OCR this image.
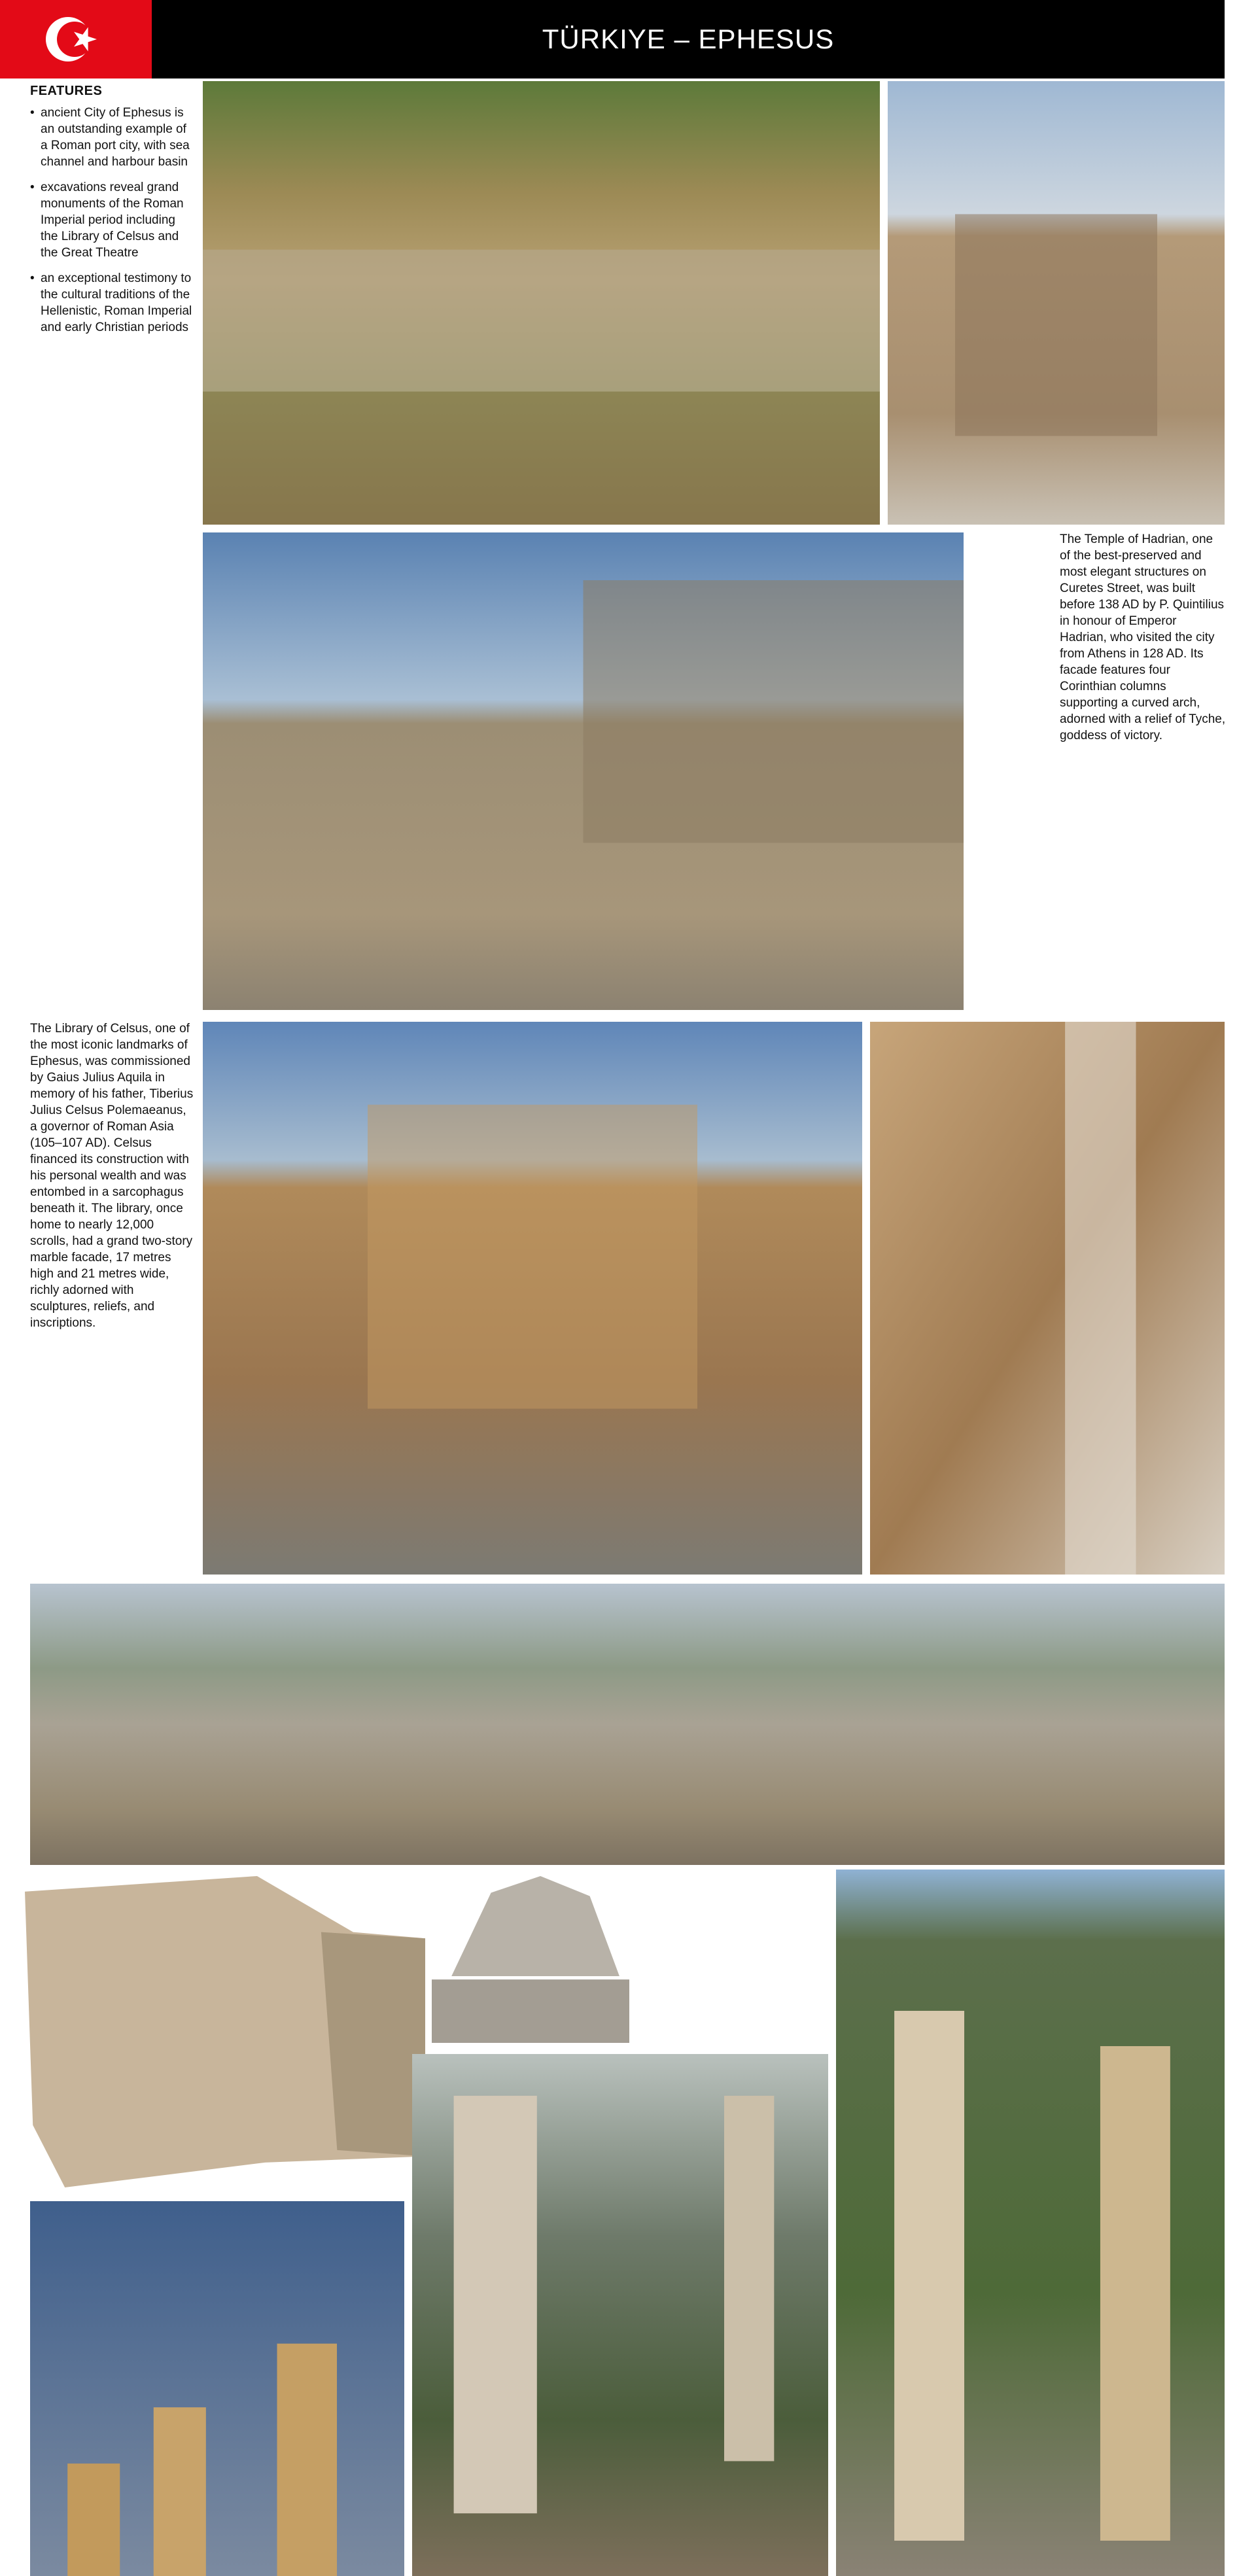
TÜRKIYE – EPHESUS
FEATURES
• ancient City of Ephesus is an outstanding example of a Roman port city, with sea channel and harbour basin
• excavations reveal grand monuments of the Roman Imperial period including the Library of Celsus and the Great Theatre
• an exceptional testimony to the cultural traditions of the Hellenistic, Roman Imperial and early Christian periods
The Temple of Hadrian, one of the best-preserved and most elegant structures on Curetes Street, was built before 138 AD by P. Quintilius in honour of Emperor Hadrian, who visited the city from Athens in 128 AD. Its facade features four Corinthian columns supporting a curved arch, adorned with a relief of Tyche, goddess of victory.
The Library of Celsus, one of the most iconic landmarks of Ephesus, was commissioned by Gaius Julius Aquila in memory of his father, Tiberius Julius Celsus Polemaeanus, a governor of Roman Asia (105–107 AD). Celsus financed its construction with his personal wealth and was entombed in a sarcophagus beneath it. The library, once home to nearly 12,000 scrolls, had a grand two-story marble facade, 17 metres high and 21 metres wide, richly adorned with sculptures, reliefs, and inscriptions.
